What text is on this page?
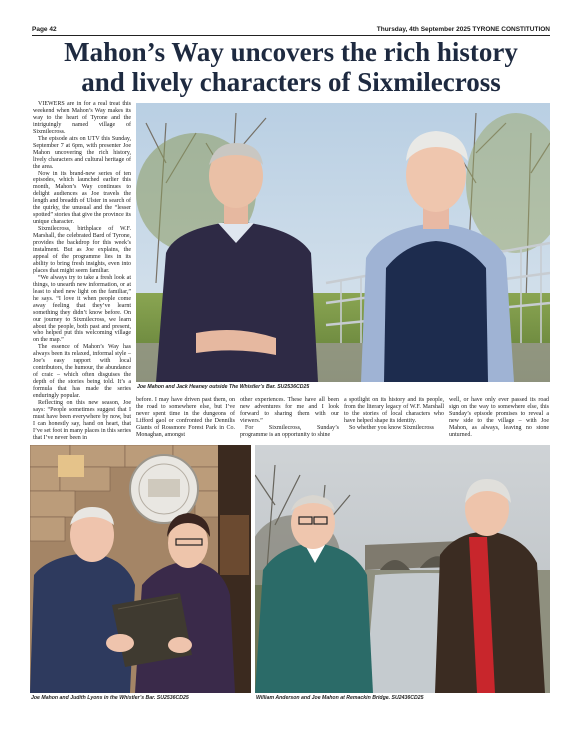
Page 42	Thursday, 4th September 2025 TYRONE CONSTITUTION
Mahon’s Way uncovers the rich history
and lively characters of Sixmilecross

VIEWERS are in for a real treat this weekend when Mahon’s Way makes its way to the heart of Tyrone and the intriguingly named village of Sixmilecross.

The episode airs on UTV this Sunday, September 7 at 6pm, with presenter Joe Mahon uncovering the rich history, lively characters and cultural heritage of the area.

Now in its brand-new series of ten episodes, which launched earlier this month, Mahon’s Way continues to delight audiences as Joe travels the length and breadth of Ulster in search of the quirky, the unusual and the “lesser spotted” stories that give the province its unique character.

Sixmilecross, birthplace of W.F. Marshall, the celebrated Bard of Tyrone, provides the backdrop for this week’s instalment. But as Joe explains, the appeal of the programme lies in its ability to bring fresh insights, even into places that might seem familiar.

“We always try to take a fresh look at things, to unearth new information, or at least to shed new light on the familiar,” he says. “I love it when people come away feeling that they’ve learnt something they didn’t know before. On our journey to Sixmilecross, we learn about the people, both past and present, who helped put this welcoming village on the map.”

The essence of Mahon’s Way has always been its relaxed, informal style – Joe’s easy rapport with local contributors, the humour, the abundance of craic – which often disguises the depth of the stories being told. It’s a formula that has made the series enduringly popular.

Reflecting on this new season, Joe says: “People sometimes suggest that I must have been everywhere by now, but I can honestly say, hand on heart, that I’ve set foot in many places in this series that I’ve never been in

Joe Mahon and Jack Heaney outside The Whistler’s Bar. SU2536CD25

before. I may have driven past them, on the road to somewhere else, but I’ve never spent time in the dungeons of Lifford gaol or confronted the Dennilis Giants of Rossmore Forest Park in Co. Monaghan, amongst

other experiences. These have all been new adventures for me and I look forward to sharing them with our viewers.”

For Sixmilecross, Sunday’s programme is an opportunity to shine

a spotlight on its history and its people, from the literary legacy of W.F. Marshall to the stories of local characters who have helped shape its identity.

So whether you know Sixmilecross

well, or have only ever passed its road sign on the way to somewhere else, this Sunday’s episode promises to reveal a new side to the village – with Joe Mahon, as always, leaving no stone unturned.

Joe Mahon and Judith Lyons in the Whistler’s Bar. SU2536CD25	William Anderson and Joe Mahon at Remackin Bridge. SU2436CD25
